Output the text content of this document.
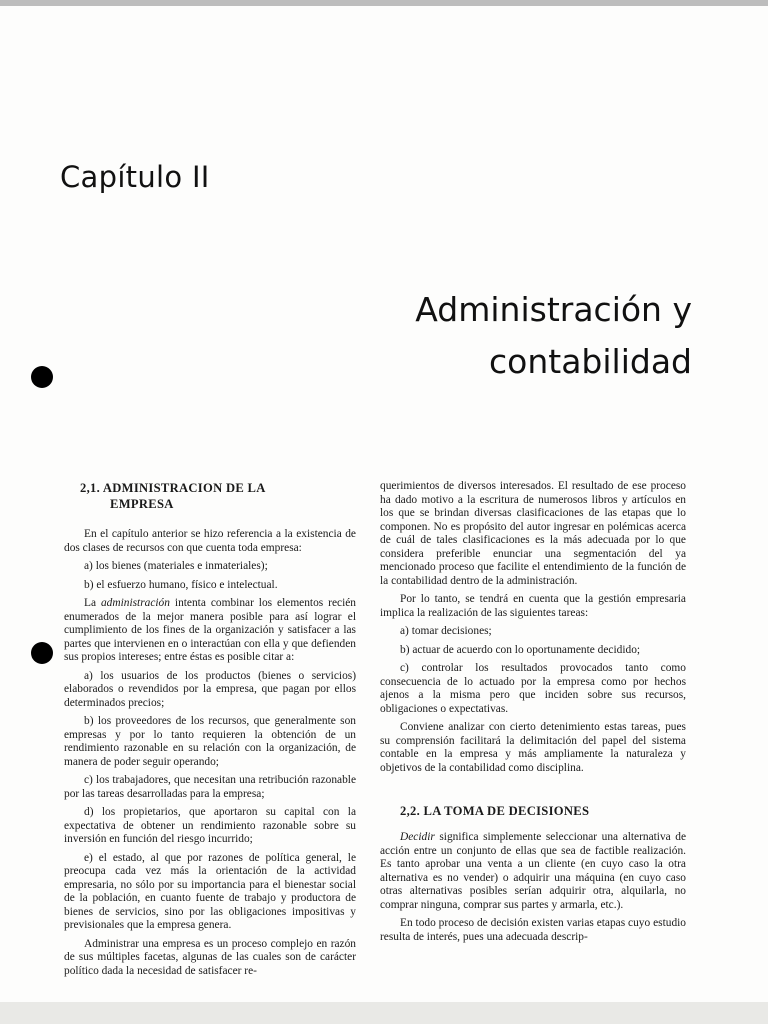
Capítulo II
Administración y
contabilidad
2,1. ADMINISTRACION DE LA
EMPRESA

En el capítulo anterior se hizo referencia a la existencia de dos clases de recursos con que cuenta toda empresa:

a) los bienes (materiales e inmateriales);

b) el esfuerzo humano, físico e intelectual.

La administración intenta combinar los elementos recién enumerados de la mejor manera posible para así lograr el cumplimiento de los fines de la organización y satisfacer a las partes que intervienen en o interactúan con ella y que defienden sus propios intereses; entre éstas es posible citar a:

a) los usuarios de los productos (bienes o servicios) elaborados o revendidos por la empresa, que pagan por ellos determinados precios;

b) los proveedores de los recursos, que generalmente son empresas y por lo tanto requieren la obtención de un rendimiento razonable en su relación con la organización, de manera de poder seguir operando;

c) los trabajadores, que necesitan una retribución razonable por las tareas desarrolladas para la empresa;

d) los propietarios, que aportaron su capital con la expectativa de obtener un rendimiento razonable sobre su inversión en función del riesgo incurrido;

e) el estado, al que por razones de política general, le preocupa cada vez más la orientación de la actividad empresaria, no sólo por su importancia para el bienestar social de la población, en cuanto fuente de trabajo y productora de bienes de servicios, sino por las obligaciones impositivas y previsionales que la empresa genera.

Administrar una empresa es un proceso complejo en razón de sus múltiples facetas, algunas de las cuales son de carácter político dada la necesidad de satisfacer re-

querimientos de diversos interesados. El resultado de ese proceso ha dado motivo a la escritura de numerosos libros y artículos en los que se brindan diversas clasificaciones de las etapas que lo componen. No es propósito del autor ingresar en polémicas acerca de cuál de tales clasificaciones es la más adecuada por lo que considera preferible enunciar una segmentación del ya mencionado proceso que facilite el entendimiento de la función de la contabilidad dentro de la administración.

Por lo tanto, se tendrá en cuenta que la gestión empresaria implica la realización de las siguientes tareas:

a) tomar decisiones;

b) actuar de acuerdo con lo oportunamente decidido;

c) controlar los resultados provocados tanto como consecuencia de lo actuado por la empresa como por hechos ajenos a la misma pero que inciden sobre sus recursos, obligaciones o expectativas.

Conviene analizar con cierto detenimiento estas tareas, pues su comprensión facilitará la delimitación del papel del sistema contable en la empresa y más ampliamente la naturaleza y objetivos de la contabilidad como disciplina.

2,2. LA TOMA DE DECISIONES

Decidir significa simplemente seleccionar una alternativa de acción entre un conjunto de ellas que sea de factible realización. Es tanto aprobar una venta a un cliente (en cuyo caso la otra alternativa es no vender) o adquirir una máquina (en cuyo caso otras alternativas posibles serían adquirir otra, alquilarla, no comprar ninguna, comprar sus partes y armarla, etc.).

En todo proceso de decisión existen varias etapas cuyo estudio resulta de interés, pues una adecuada descrip-
